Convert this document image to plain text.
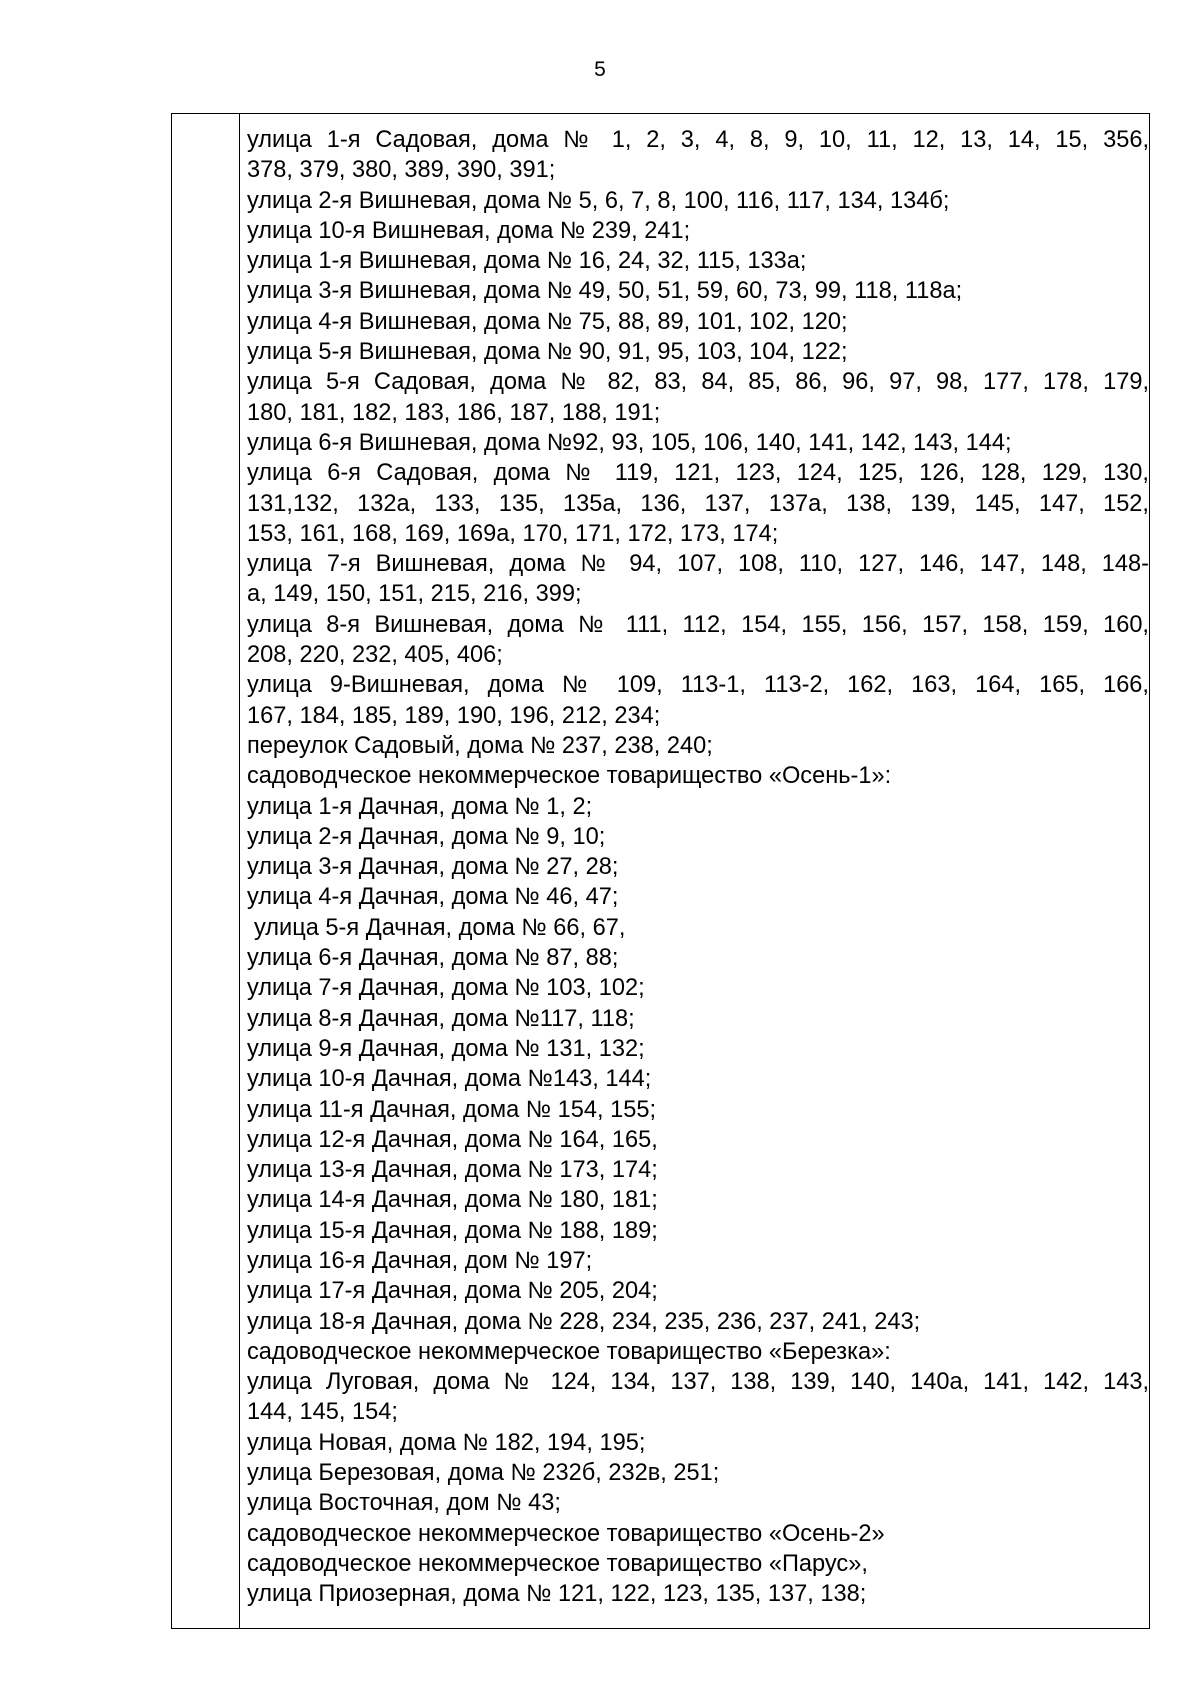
5
улица 1-я Садовая, дома № 1, 2, 3, 4, 8, 9, 10, 11, 12, 13, 14, 15, 356,
378, 379, 380, 389, 390, 391;
улица 2-я Вишневая, дома № 5, 6, 7, 8, 100, 116, 117, 134, 134б;
улица 10-я Вишневая, дома № 239, 241;
улица 1-я Вишневая, дома № 16, 24, 32, 115, 133а;
улица 3-я Вишневая, дома № 49, 50, 51, 59, 60, 73, 99, 118, 118а;
улица 4-я Вишневая, дома № 75, 88, 89, 101, 102, 120;
улица 5-я Вишневая, дома № 90, 91, 95, 103, 104, 122;
улица 5-я Садовая, дома № 82, 83, 84, 85, 86, 96, 97, 98, 177, 178, 179,
180, 181, 182, 183, 186, 187, 188, 191;
улица 6-я Вишневая, дома №92, 93, 105, 106, 140, 141, 142, 143, 144;
улица 6-я Садовая, дома № 119, 121, 123, 124, 125, 126, 128, 129, 130,
131,132, 132а, 133, 135, 135а, 136, 137, 137а, 138, 139, 145, 147, 152,
153, 161, 168, 169, 169а, 170, 171, 172, 173, 174;
улица 7-я Вишневая, дома № 94, 107, 108, 110, 127, 146, 147, 148, 148-
а, 149, 150, 151, 215, 216, 399;
улица 8-я Вишневая, дома № 111, 112, 154, 155, 156, 157, 158, 159, 160,
208, 220, 232, 405, 406;
улица 9-Вишневая, дома № 109, 113-1, 113-2, 162, 163, 164, 165, 166,
167, 184, 185, 189, 190, 196, 212, 234;
переулок Садовый, дома № 237, 238, 240;
садоводческое некоммерческое товарищество «Осень-1»:
улица 1-я Дачная, дома № 1, 2;
улица 2-я Дачная, дома № 9, 10;
улица 3-я Дачная, дома № 27, 28;
улица 4-я Дачная, дома № 46, 47;
улица 5-я Дачная, дома № 66, 67,
улица 6-я Дачная, дома № 87, 88;
улица 7-я Дачная, дома № 103, 102;
улица 8-я Дачная, дома №117, 118;
улица 9-я Дачная, дома № 131, 132;
улица 10-я Дачная, дома №143, 144;
улица 11-я Дачная, дома № 154, 155;
улица 12-я Дачная, дома № 164, 165,
улица 13-я Дачная, дома № 173, 174;
улица 14-я Дачная, дома № 180, 181;
улица 15-я Дачная, дома № 188, 189;
улица 16-я Дачная, дом № 197;
улица 17-я Дачная, дома № 205, 204;
улица 18-я Дачная, дома № 228, 234, 235, 236, 237, 241, 243;
садоводческое некоммерческое товарищество «Березка»:
улица Луговая, дома № 124, 134, 137, 138, 139, 140, 140а, 141, 142, 143,
144, 145, 154;
улица Новая, дома № 182, 194, 195;
улица Березовая, дома № 232б, 232в, 251;
улица Восточная, дом № 43;
садоводческое некоммерческое товарищество «Осень-2»
садоводческое некоммерческое товарищество «Парус»,
улица Приозерная, дома № 121, 122, 123, 135, 137, 138;
